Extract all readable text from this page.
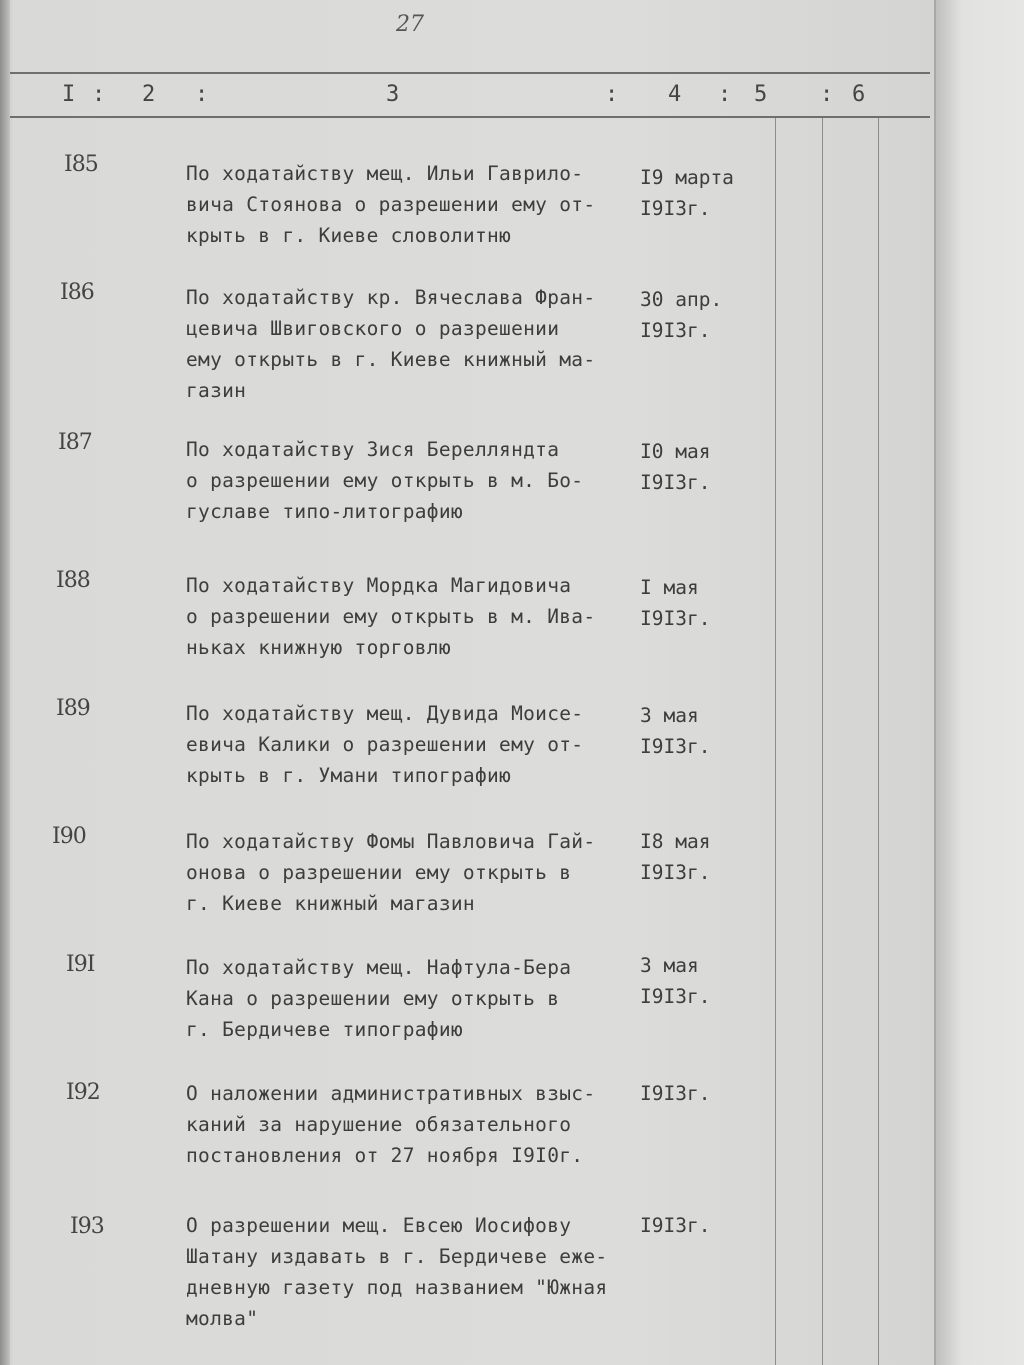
27
I : 2 :	3	: 4 : 5 : 6
I85	По ходатайству мещ. Ильи Гаврило-
вича Стоянова о разрешении ему от-
крыть в г. Киеве словолитню
I9 марта
I9I3г.
I86	По ходатайству кр. Вячеслава Фран-
цевича Швиговского о разрешении
ему открыть в г. Киеве книжный ма-
газин
30 апр.
I9I3г.
I87	По ходатайству Зися Берелляндта
о разрешении ему открыть в м. Бо-
гуславе типо-литографию
I0 мая
I9I3г.
I88	По ходатайству Мордка Магидовича
о разрешении ему открыть в м. Ива-
ньках книжную торговлю
I мая
I9I3г.
I89	По ходатайству мещ. Дувида Моисе-
евича Калики о разрешении ему от-
крыть в г. Умани типографию
3 мая
I9I3г.
I90	По ходатайству Фомы Павловича Гай-
онова о разрешении ему открыть в
г. Киеве книжный магазин
I8 мая
I9I3г.
I9I	По ходатайству мещ. Нафтула-Бера
Кана о разрешении ему открыть в
г. Бердичеве типографию
3 мая
I9I3г.
I92	О наложении административных взыс-
каний за нарушение обязательного
постановления от 27 ноября I9I0г.
I9I3г.
I93	О разрешении мещ. Евсею Иосифову
Шатану издавать в г. Бердичеве еже-
дневную газету под названием "Южная
молва"
I9I3г.
